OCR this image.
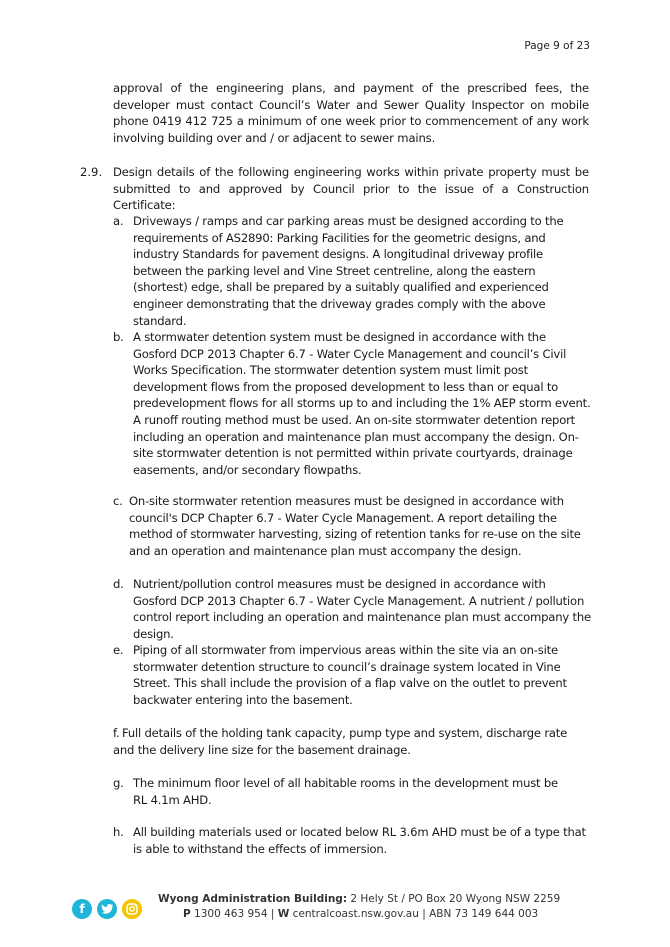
Page 9 of 23
approval of the engineering plans, and payment of the prescribed fees, the developer must contact Council’s Water and Sewer Quality Inspector on mobile phone 0419 412 725 a minimum of one week prior to commencement of any work involving building over and / or adjacent to sewer mains.
2.9. Design details of the following engineering works within private property must be submitted to and approved by Council prior to the issue of a Construction Certificate:
a. Driveways / ramps and car parking areas must be designed according to the requirements of AS2890: Parking Facilities for the geometric designs, and industry Standards for pavement designs. A longitudinal driveway profile between the parking level and Vine Street centreline, along the eastern (shortest) edge, shall be prepared by a suitably qualified and experienced engineer demonstrating that the driveway grades comply with the above standard.
b. A stormwater detention system must be designed in accordance with the Gosford DCP 2013 Chapter 6.7 - Water Cycle Management and council’s Civil Works Specification. The stormwater detention system must limit post development flows from the proposed development to less than or equal to predevelopment flows for all storms up to and including the 1% AEP storm event. A runoff routing method must be used. An on-site stormwater detention report including an operation and maintenance plan must accompany the design. On-site stormwater detention is not permitted within private courtyards, drainage easements, and/or secondary flowpaths.
c. On-site stormwater retention measures must be designed in accordance with council's DCP Chapter 6.7 - Water Cycle Management. A report detailing the method of stormwater harvesting, sizing of retention tanks for re-use on the site and an operation and maintenance plan must accompany the design.
d. Nutrient/pollution control measures must be designed in accordance with Gosford DCP 2013 Chapter 6.7 - Water Cycle Management. A nutrient / pollution control report including an operation and maintenance plan must accompany the design.
e. Piping of all stormwater from impervious areas within the site via an on-site stormwater detention structure to council’s drainage system located in Vine Street. This shall include the provision of a flap valve on the outlet to prevent backwater entering into the basement.
f. Full details of the holding tank capacity, pump type and system, discharge rate and the delivery line size for the basement drainage.
g. The minimum floor level of all habitable rooms in the development must be RL 4.1m AHD.
h. All building materials used or located below RL 3.6m AHD must be of a type that is able to withstand the effects of immersion.
f
Wyong Administration Building: 2 Hely St / PO Box 20 Wyong NSW 2259
P 1300 463 954 | W centralcoast.nsw.gov.au | ABN 73 149 644 003
